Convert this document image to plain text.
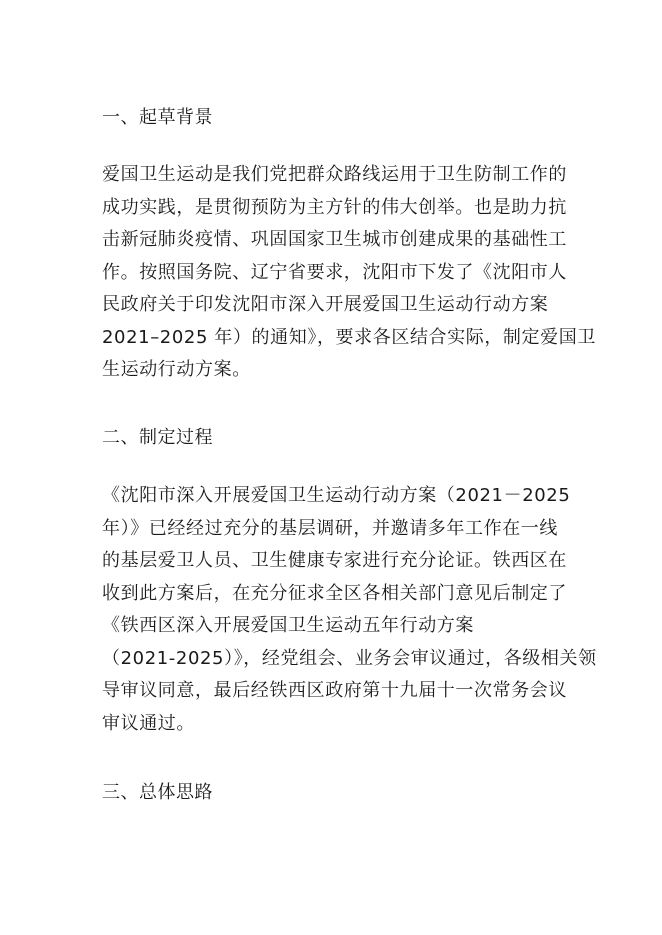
一、起草背景
爱国卫生运动是我们党把群众路线运用于卫生防制工作的
成功实践，是贯彻预防为主方针的伟大创举。也是助力抗
击新冠肺炎疫情、巩固国家卫生城市创建成果的基础性工
作。按照国务院、辽宁省要求，沈阳市下发了《沈阳市人
民政府关于印发沈阳市深入开展爱国卫生运动行动方案
2021–2025 年）的通知》，要求各区结合实际，制定爱国卫
生运动行动方案。
二、制定过程
《沈阳市深入开展爱国卫生运动行动方案（2021－2025
年）》已经经过充分的基层调研，并邀请多年工作在一线
的基层爱卫人员、卫生健康专家进行充分论证。铁西区在
收到此方案后，在充分征求全区各相关部门意见后制定了
《铁西区深入开展爱国卫生运动五年行动方案
（2021-2025）》，经党组会、业务会审议通过，各级相关领
导审议同意，最后经铁西区政府第十九届十一次常务会议
审议通过。
三、总体思路
